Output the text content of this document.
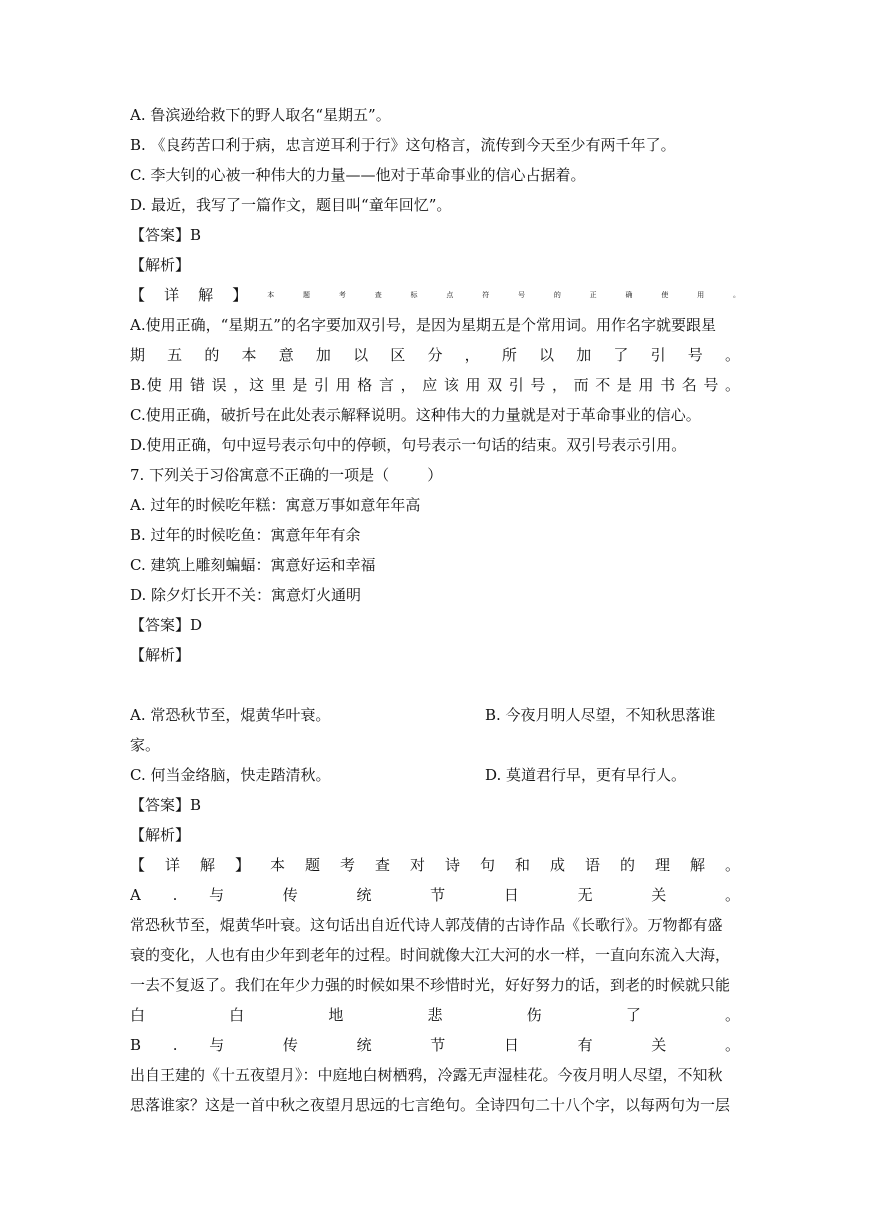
A. 鲁滨逊给救下的野人取名“星期五”。
B. 《良药苦口利于病，忠言逆耳利于行》这句格言，流传到今天至少有两千年了。
C. 李大钊的心被一种伟大的力量——他对于革命事业的信心占据着。
D. 最近，我写了一篇作文，题目叫“童年回忆”。
【答案】B
【解析】
【    详    解    】	本 题 考 查 标 点 符 号 的 正 确 使 用 。
A.使用正确，“星期五”的名字要加双引号，是因为星期五是个常用词。用作名字就要跟星
期 五 的 本 意 加 以 区 分 ， 所 以 加 了 引 号 。
B.使 用 错 误 ，这 里 是 引 用 格 言 ， 应 该 用 双 引 号 ， 而 不 是 用 书 名 号 。
C.使用正确，破折号在此处表示解释说明。这种伟大的力量就是对于革命事业的信心。
D.使用正确，句中逗号表示句中的停顿，句号表示一句话的结束。双引号表示引用。
7. 下列关于习俗寓意不正确的一项是（        ）
A. 过年的时候吃年糕：寓意万事如意年年高
B. 过年的时候吃鱼：寓意年年有余
C. 建筑上雕刻蝙蝠：寓意好运和幸福
D. 除夕灯长开不关：寓意灯火通明
【答案】D
【解析】

A. 常恐秋节至，焜黄华叶衰。	B. 今夜月明人尽望，不知秋思落谁
家。
C. 何当金络脑，快走踏清秋。	D. 莫道君行早，更有早行人。
【答案】B
【解析】
【 详 解 】 本 题 考 查 对 诗 句 和 成 语 的 理 解 。
A . 与 传 统 节 日 无 关 。
常恐秋节至，焜黄华叶衰。这句话出自近代诗人郭茂倩的古诗作品《长歌行》。万物都有盛
衰的变化，人也有由少年到老年的过程。时间就像大江大河的水一样，一直向东流入大海，
一去不复返了。我们在年少力强的时候如果不珍惜时光，好好努力的话，到老的时候就只能
白 白 地 悲 伤 了 。
B . 与 传 统 节 日 有 关 。
出自王建的《十五夜望月》：中庭地白树栖鸦，冷露无声湿桂花。今夜月明人尽望，不知秋
思落谁家？这是一首中秋之夜望月思远的七言绝句。全诗四句二十八个字，以每两句为一层
